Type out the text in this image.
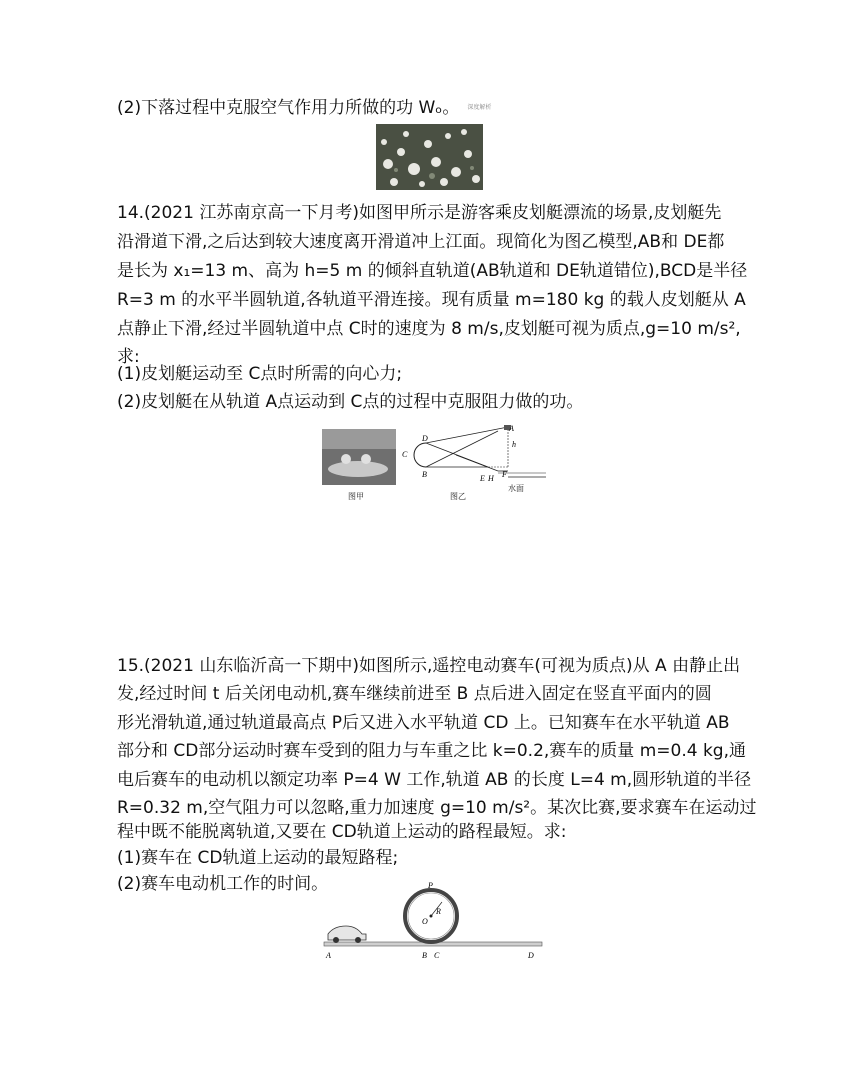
(2)下落过程中克服空气作用力所做的功 Wₒ。 深度解析
14.(2021 江苏南京高一下月考)如图甲所示是游客乘皮划艇漂流的场景,皮划艇先
沿滑道下滑,之后达到较大速度离开滑道冲上江面。现简化为图乙模型,AB和 DE都
是长为 x₁=13 m、高为 h=5 m 的倾斜直轨道(AB轨道和 DE轨道错位),BCD是半径
R=3 m 的水平半圆轨道,各轨道平滑连接。现有质量 m=180 kg 的载人皮划艇从 A
点静止下滑,经过半圆轨道中点 C时的速度为 8 m/s,皮划艇可视为质点,g=10 m/s²,
求:
(1)皮划艇运动至 C点时所需的向心力;
(2)皮划艇在从轨道 A点运动到 C点的过程中克服阻力做的功。
图甲
A
h
C
D
B	E H F
图乙
水面
15.(2021 山东临沂高一下期中)如图所示,遥控电动赛车(可视为质点)从 A 由静止出
发,经过时间 t 后关闭电动机,赛车继续前进至 B 点后进入固定在竖直平面内的圆
形光滑轨道,通过轨道最高点 P后又进入水平轨道 CD 上。已知赛车在水平轨道 AB
部分和 CD部分运动时赛车受到的阻力与车重之比 k=0.2,赛车的质量 m=0.4 kg,通
电后赛车的电动机以额定功率 P=4 W 工作,轨道 AB 的长度 L=4 m,圆形轨道的半径
R=0.32 m,空气阻力可以忽略,重力加速度 g=10 m/s²。某次比赛,要求赛车在运动过
程中既不能脱离轨道,又要在 CD轨道上运动的路程最短。求:
(1)赛车在 CD轨道上运动的最短路程;
(2)赛车电动机工作的时间。	P
R
O
A	B C	D
